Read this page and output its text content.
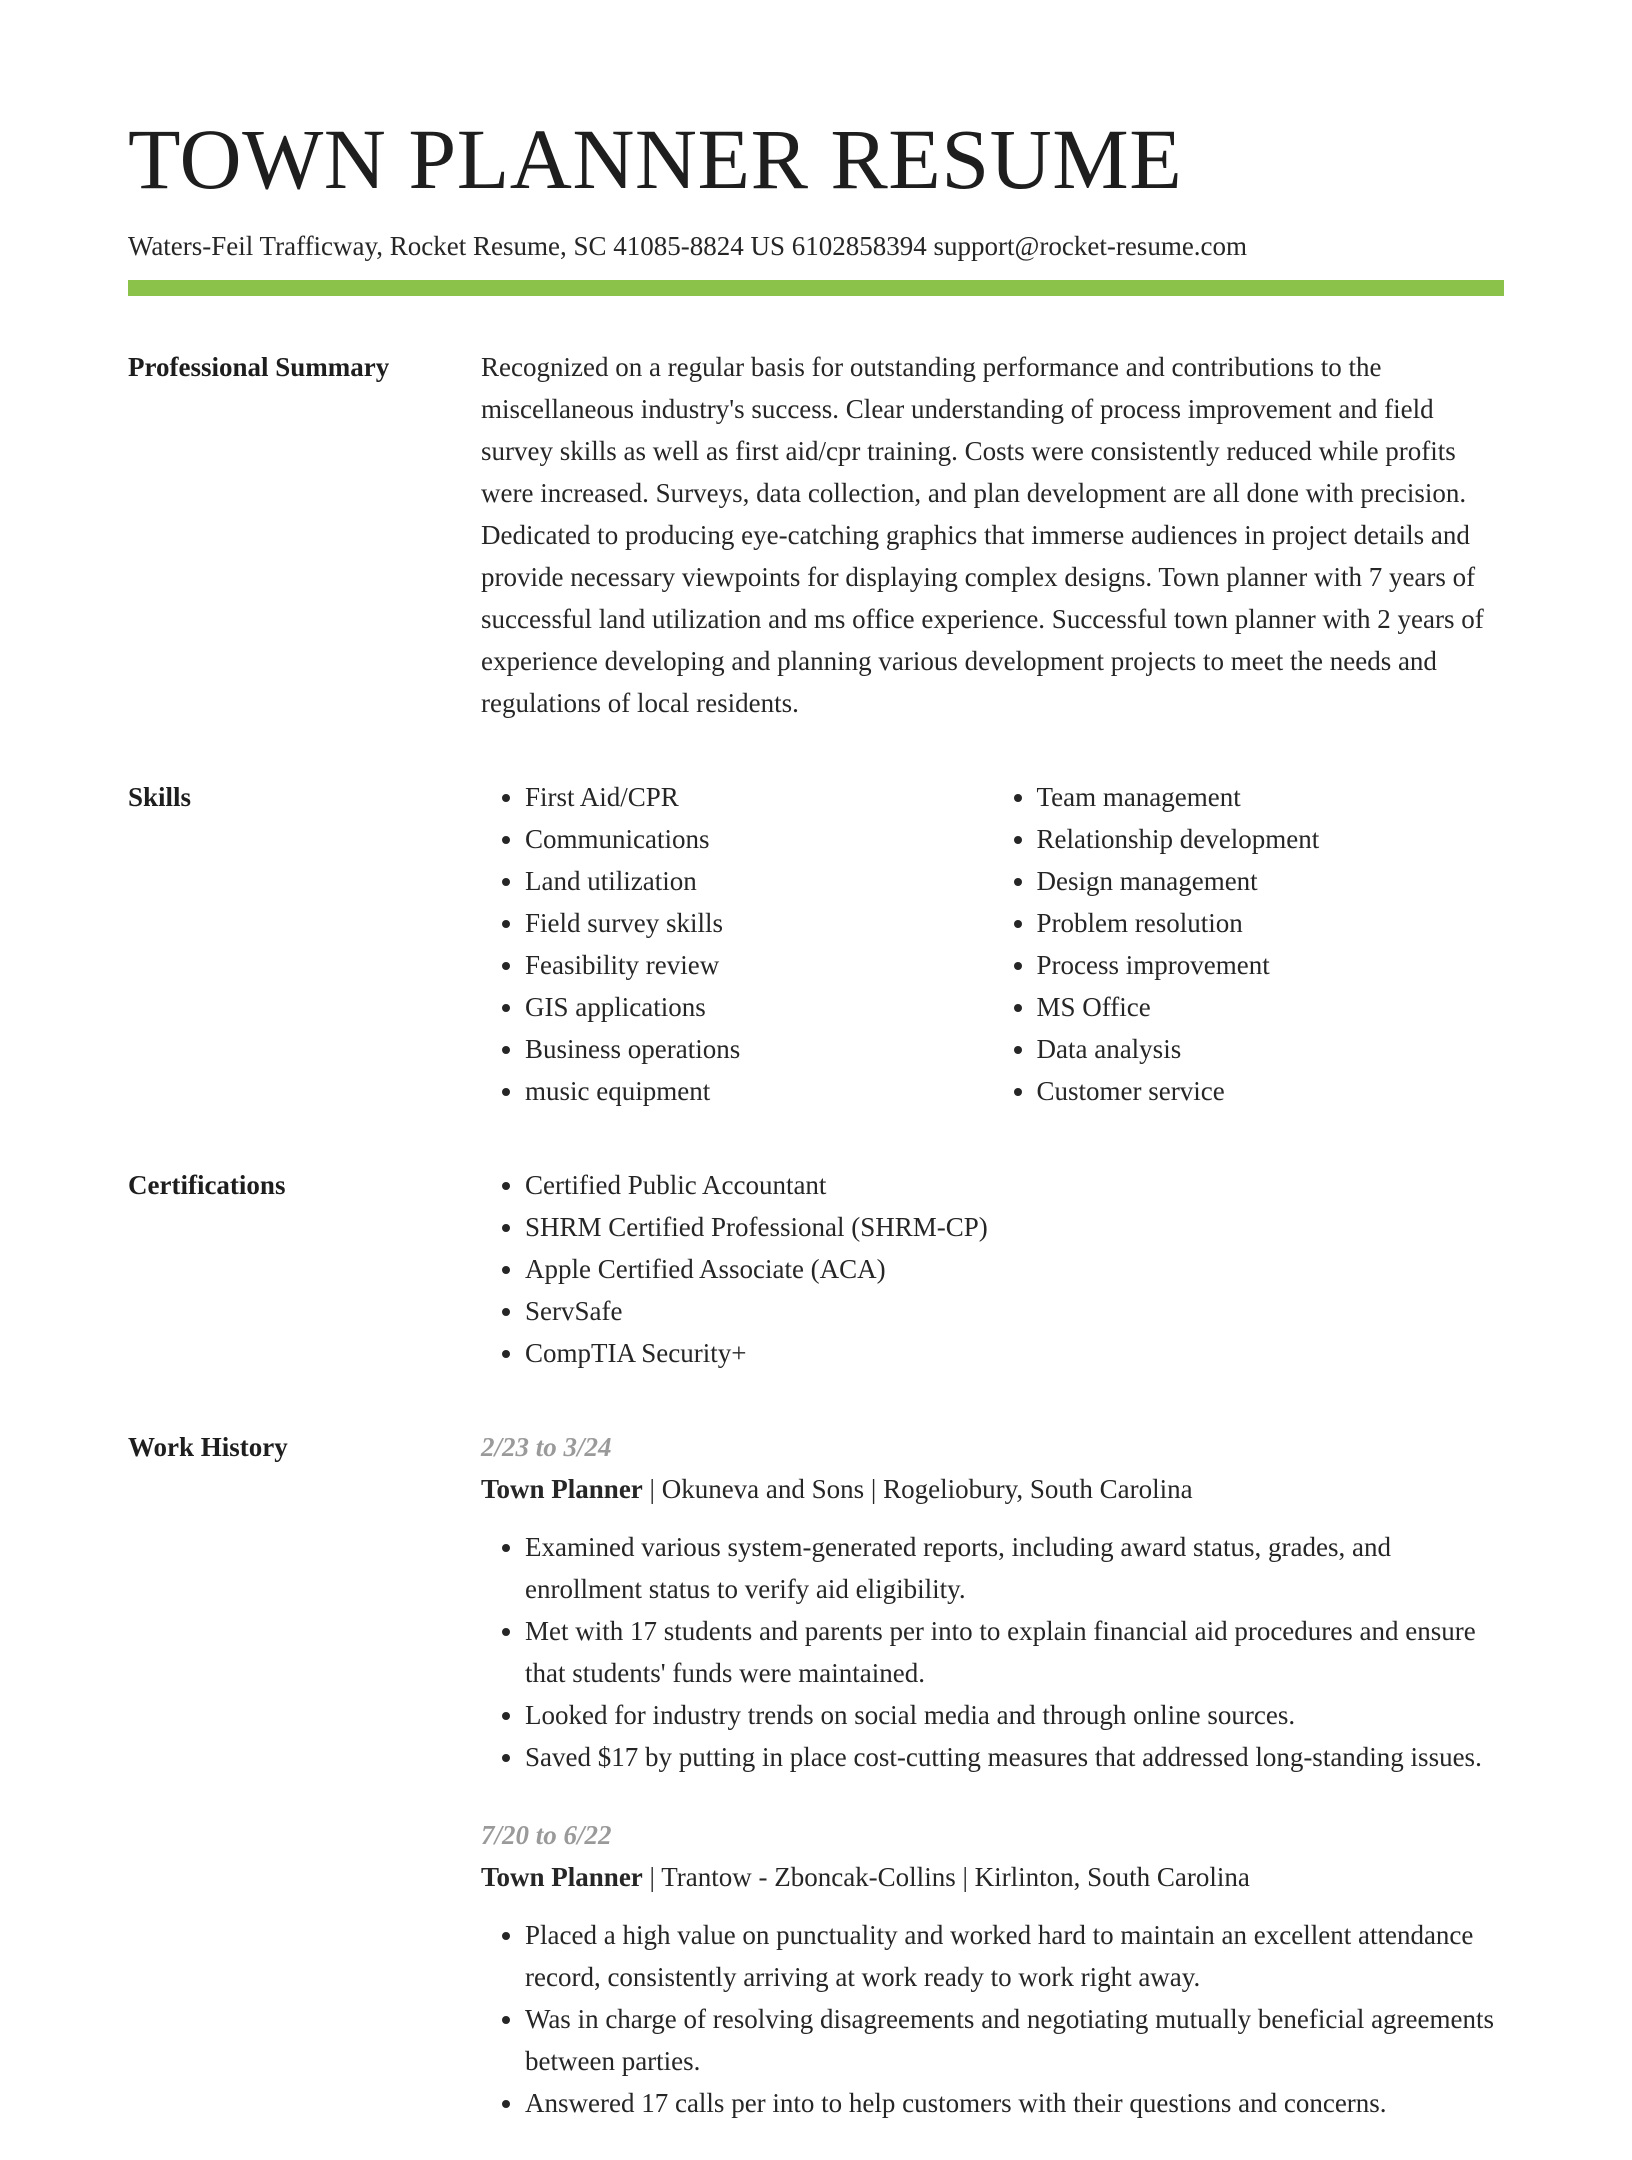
TOWN PLANNER RESUME
Waters-Feil Trafficway, Rocket Resume, SC 41085-8824 US 6102858394 support@rocket-resume.com
Professional Summary	Recognized on a regular basis for outstanding performance and contributions to the miscellaneous industry's success. Clear understanding of process improvement and field survey skills as well as first aid/cpr training. Costs were consistently reduced while profits were increased. Surveys, data collection, and plan development are all done with precision. Dedicated to producing eye-catching graphics that immerse audiences in project details and provide necessary viewpoints for displaying complex designs. Town planner with 7 years of successful land utilization and ms office experience. Successful town planner with 2 years of experience developing and planning various development projects to meet the needs and regulations of local residents.

Skills	• First Aid/CPR
• Communications
• Land utilization
• Field survey skills
• Feasibility review
• GIS applications
• Business operations
• music equipment
• Team management
• Relationship development
• Design management
• Problem resolution
• Process improvement
• MS Office
• Data analysis
• Customer service
Certifications	• Certified Public Accountant
• SHRM Certified Professional (SHRM-CP)
• Apple Certified Associate (ACA)
• ServSafe
• CompTIA Security+
Work History	2/23 to 3/24
Town Planner | Okuneva and Sons | Rogeliobury, South Carolina
• Examined various system-generated reports, including award status, grades, and enrollment status to verify aid eligibility.
• Met with 17 students and parents per into to explain financial aid procedures and ensure that students' funds were maintained.
• Looked for industry trends on social media and through online sources.
• Saved $17 by putting in place cost-cutting measures that addressed long-standing issues.
7/20 to 6/22
Town Planner | Trantow - Zboncak-Collins | Kirlinton, South Carolina
• Placed a high value on punctuality and worked hard to maintain an excellent attendance record, consistently arriving at work ready to work right away.
• Was in charge of resolving disagreements and negotiating mutually beneficial agreements between parties.
• Answered 17 calls per into to help customers with their questions and concerns.
